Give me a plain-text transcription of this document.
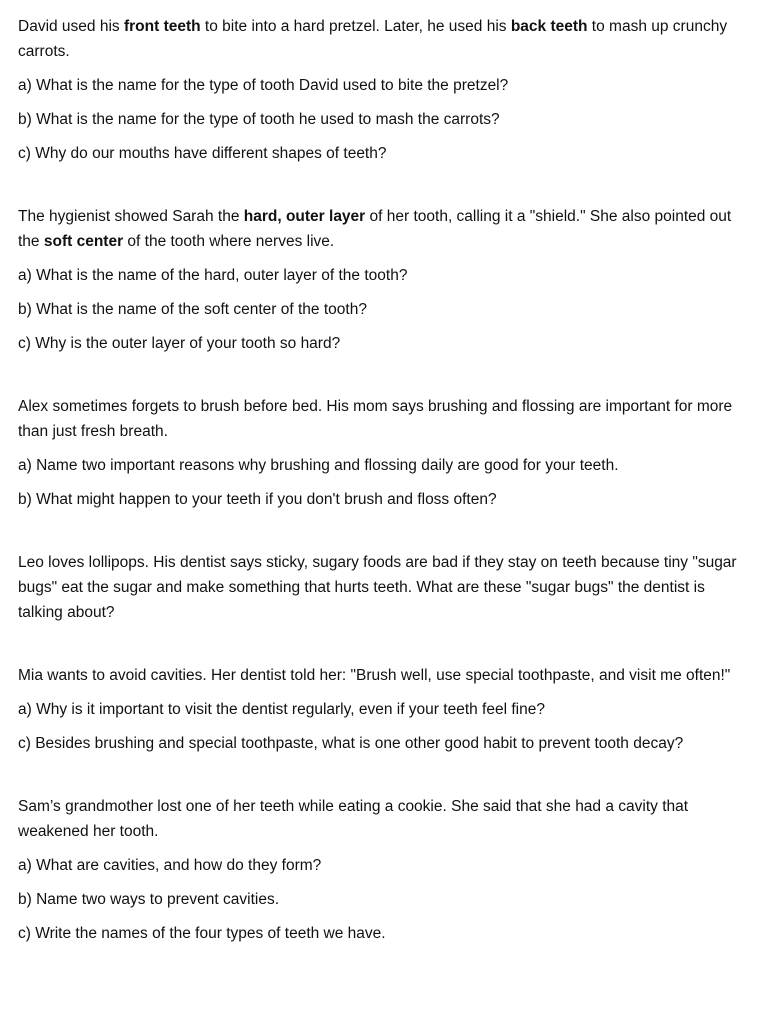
David used his front teeth to bite into a hard pretzel. Later, he used his back teeth to mash up crunchy carrots.

a) What is the name for the type of tooth David used to bite the pretzel?

b) What is the name for the type of tooth he used to mash the carrots?

c) Why do our mouths have different shapes of teeth?

The hygienist showed Sarah the hard, outer layer of her tooth, calling it a "shield." She also pointed out the soft center of the tooth where nerves live.

a) What is the name of the hard, outer layer of the tooth?

b) What is the name of the soft center of the tooth?

c) Why is the outer layer of your tooth so hard?

Alex sometimes forgets to brush before bed. His mom says brushing and flossing are important for more than just fresh breath.

a) Name two important reasons why brushing and flossing daily are good for your teeth.

b) What might happen to your teeth if you don't brush and floss often?

Leo loves lollipops. His dentist says sticky, sugary foods are bad if they stay on teeth because tiny "sugar bugs" eat the sugar and make something that hurts teeth. What are these "sugar bugs" the dentist is talking about?

Mia wants to avoid cavities. Her dentist told her: "Brush well, use special toothpaste, and visit me often!"

a) Why is it important to visit the dentist regularly, even if your teeth feel fine?

c) Besides brushing and special toothpaste, what is one other good habit to prevent tooth decay?

Sam’s grandmother lost one of her teeth while eating a cookie. She said that she had a cavity that weakened her tooth.

a) What are cavities, and how do they form?

b) Name two ways to prevent cavities.

c) Write the names of the four types of teeth we have.
